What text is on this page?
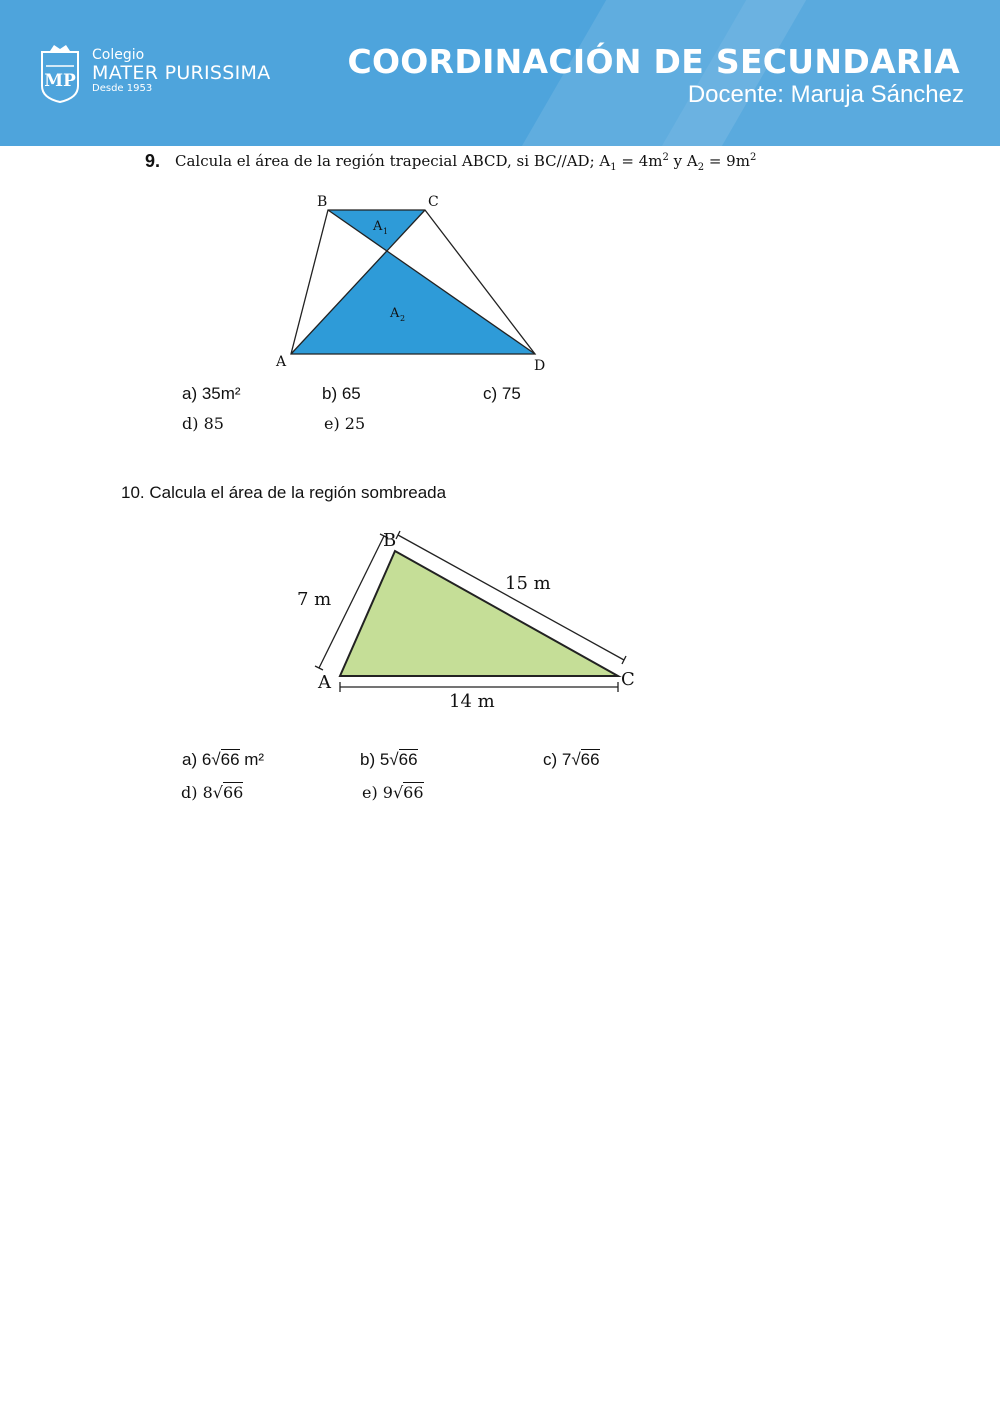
MP
Colegio
MATER PURISSIMA
Desde 1953
COORDINACIÓN DE SECUNDARIA
Docente: Maruja Sánchez
9. Calcula el área de la región trapecial ABCD, si BC//AD; $A_1 = 4m^2$ y $A_2 = 9m^2$
B	C
A	D
A 1
A 2
a) 35m²	b) 65	c) 75
d) 85	e) 25
10. Calcula el área de la región sombreada
B
A	C
7 m
15 m
14 m
a) 6√66 m²	b) 5√66	c) 7√66
d) 8√66	e) 9√66
